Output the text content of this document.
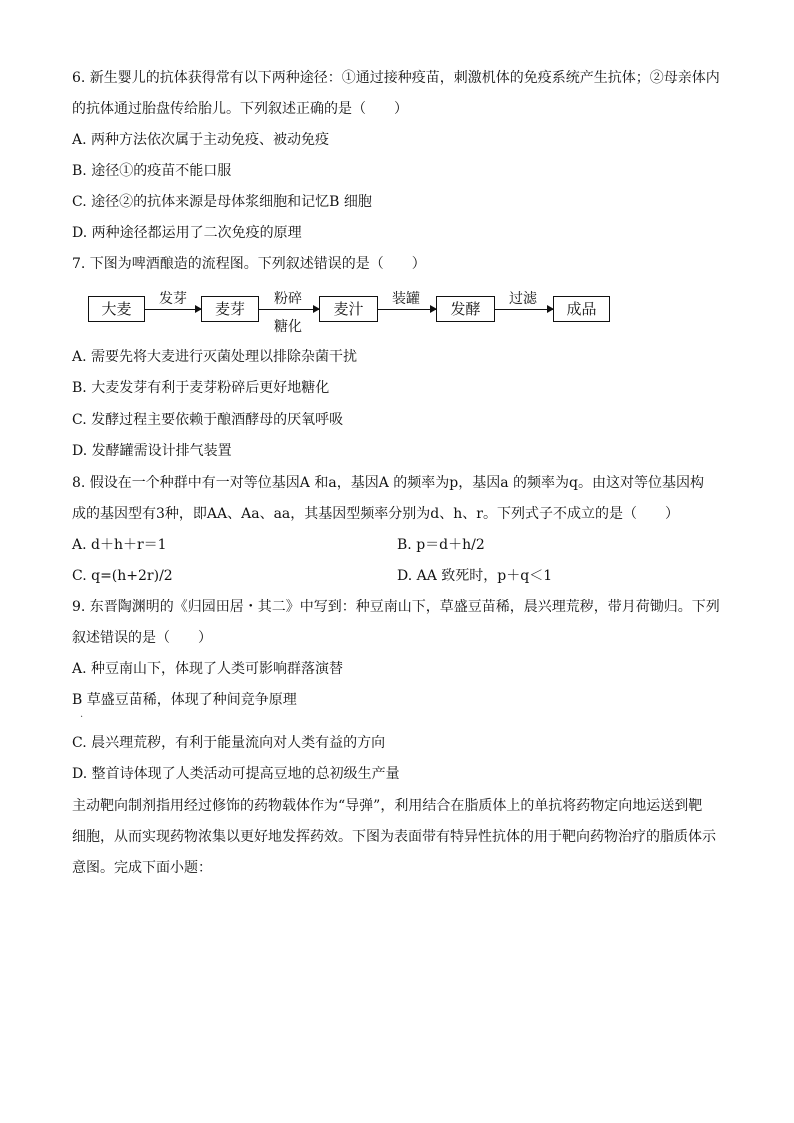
6. 新生婴儿的抗体获得常有以下两种途径：①通过接种疫苗，刺激机体的免疫系统产生抗体；②母亲体内
的抗体通过胎盘传给胎儿。下列叙述正确的是（　　）
A. 两种方法依次属于主动免疫、被动免疫
B. 途径①的疫苗不能口服
C. 途径②的抗体来源是母体浆细胞和记忆B 细胞
D. 两种途径都运用了二次免疫的原理
7. 下图为啤酒酿造的流程图。下列叙述错误的是（　　）
大麦
发芽
麦芽
粉碎
糖化
麦汁
装罐
发酵
过滤
成品
A. 需要先将大麦进行灭菌处理以排除杂菌干扰
B. 大麦发芽有利于麦芽粉碎后更好地糖化
C. 发酵过程主要依赖于酿酒酵母的厌氧呼吸
D. 发酵罐需设计排气装置
8. 假设在一个种群中有一对等位基因A 和a，基因A 的频率为p，基因a 的频率为q。由这对等位基因构
成的基因型有3种，即AA、Aa、aa，其基因型频率分别为d、h、r。下列式子不成立的是（　　）
A. d＋h＋r＝1	B. p＝d＋h/2
C. q=(h+2r)/2	D. AA 致死时，p＋q＜1
9. 东晋陶渊明的《归园田居・其二》中写到：种豆南山下，草盛豆苗稀，晨兴理荒秽，带月荷锄归。下列
叙述错误的是（　　）
A. 种豆南山下，体现了人类可影响群落演替
B 草盛豆苗稀，体现了种间竞争原理
·
C. 晨兴理荒秽，有利于能量流向对人类有益的方向
D. 整首诗体现了人类活动可提高豆地的总初级生产量
主动靶向制剂指用经过修饰的药物载体作为“导弹”，利用结合在脂质体上的单抗将药物定向地运送到靶
细胞，从而实现药物浓集以更好地发挥药效。下图为表面带有特异性抗体的用于靶向药物治疗的脂质体示
意图。完成下面小题：
